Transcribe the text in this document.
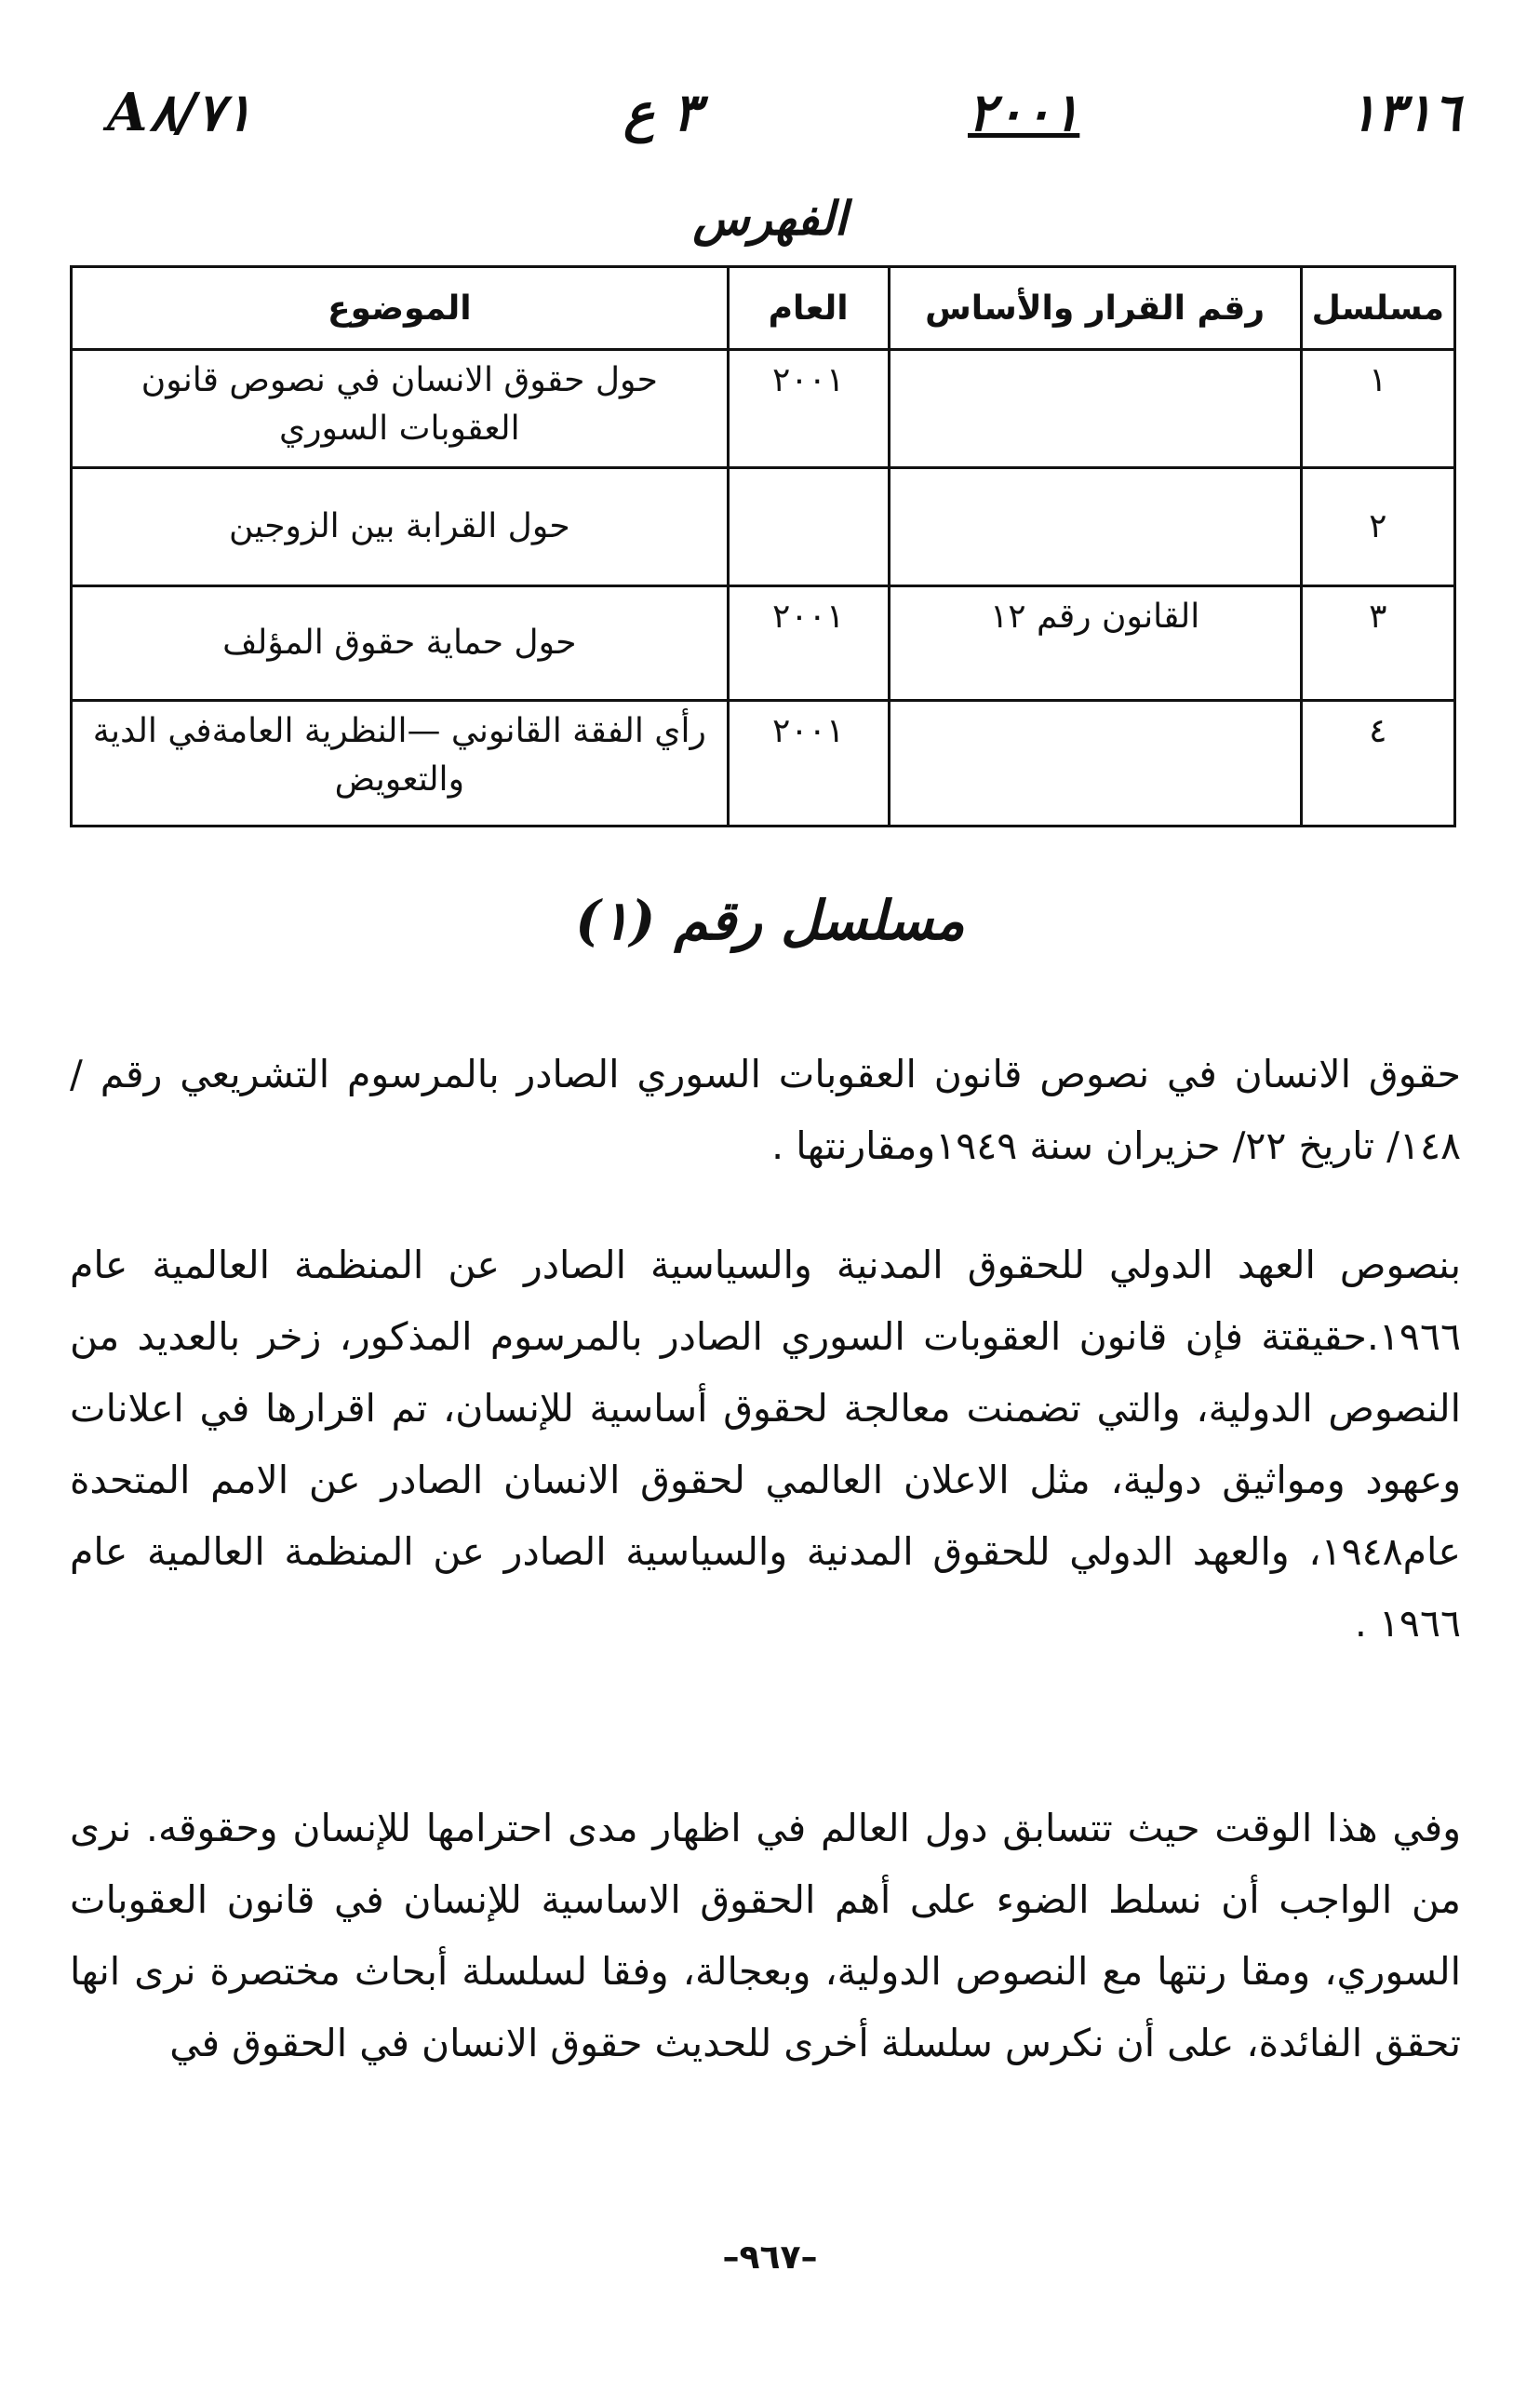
A٨/٧١	٣ ع	٢٠٠١	١٣١٦
الفهرس
مسلسل	رقم القرار والأساس	العام	الموضوع
١		٢٠٠١	حول حقوق الانسان في نصوص قانون العقوبات السوري
٢			حول القرابة بين الزوجين
٣	القانون رقم ١٢	٢٠٠١	حول حماية حقوق المؤلف
٤		٢٠٠١	رأي الفقة القانوني —النظرية العامةفي الدية والتعويض
مسلسل رقم (١)

حقوق الانسان في نصوص قانون العقوبات السوري الصادر بالمرسوم التشريعي رقم /١٤٨/ تاريخ ٢٢/ حزيران سنة ١٩٤٩ومقارنتها .

بنصوص العهد الدولي للحقوق المدنية والسياسية الصادر عن المنظمة العالمية عام ١٩٦٦.حقيقتة فإن قانون العقوبات السوري الصادر بالمرسوم المذكور، زخر بالعديد من النصوص الدولية، والتي تضمنت معالجة لحقوق أساسية للإنسان، تم اقرارها في اعلانات وعهود ومواثيق دولية، مثل الاعلان العالمي لحقوق الانسان الصادر عن الامم المتحدة عام١٩٤٨، والعهد الدولي للحقوق المدنية والسياسية الصادر عن المنظمة العالمية عام ١٩٦٦ .

وفي هذا الوقت حيث تتسابق دول العالم في اظهار مدى احترامها للإنسان وحقوقه. نرى من الواجب أن نسلط الضوء على أهم الحقوق الاساسية للإنسان في قانون العقوبات السوري، ومقا رنتها مع النصوص الدولية، وبعجالة، وفقا لسلسلة أبحاث مختصرة نرى انها تحقق الفائدة، على أن نكرس سلسلة أخرى للحديث حقوق الانسان في الحقوق في

–٩٦٧–
